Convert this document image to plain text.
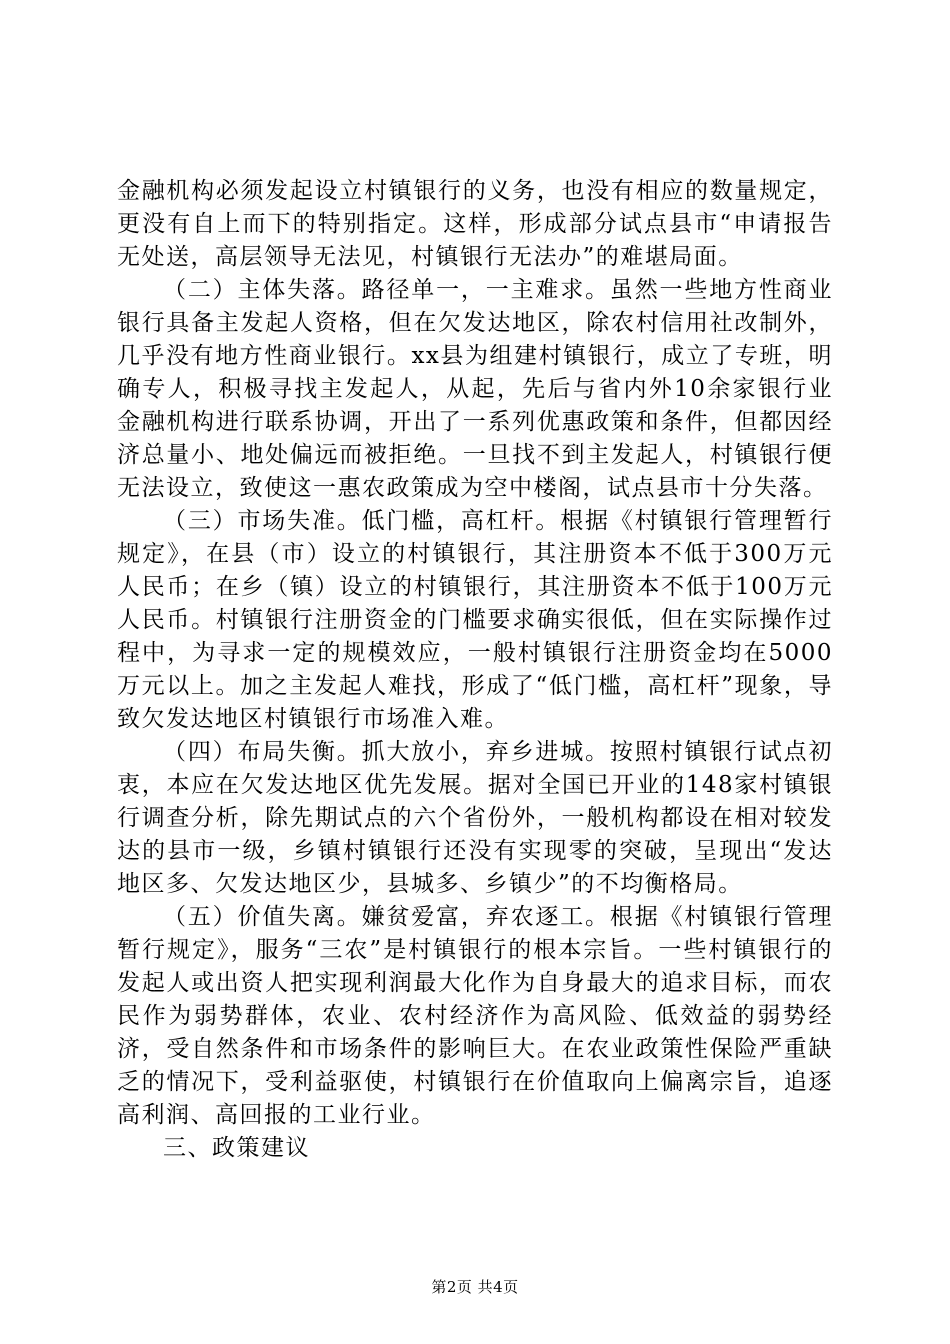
金融机构必须发起设立村镇银行的义务，也没有相应的数量规定，更没有自上而下的特别指定。这样，形成部分试点县市“申请报告无处送，高层领导无法见，村镇银行无法办”的难堪局面。

（二）主体失落。路径单一，一主难求。虽然一些地方性商业银行具备主发起人资格，但在欠发达地区，除农村信用社改制外，几乎没有地方性商业银行。xx县为组建村镇银行，成立了专班，明确专人，积极寻找主发起人，从起，先后与省内外10余家银行业金融机构进行联系协调，开出了一系列优惠政策和条件，但都因经济总量小、地处偏远而被拒绝。一旦找不到主发起人，村镇银行便无法设立，致使这一惠农政策成为空中楼阁，试点县市十分失落。

（三）市场失准。低门槛，高杠杆。根据《村镇银行管理暂行规定》，在县（市）设立的村镇银行，其注册资本不低于300万元人民币；在乡（镇）设立的村镇银行，其注册资本不低于100万元人民币。村镇银行注册资金的门槛要求确实很低，但在实际操作过程中，为寻求一定的规模效应，一般村镇银行注册资金均在5000万元以上。加之主发起人难找，形成了“低门槛，高杠杆”现象，导致欠发达地区村镇银行市场准入难。

（四）布局失衡。抓大放小，弃乡进城。按照村镇银行试点初衷，本应在欠发达地区优先发展。据对全国已开业的148家村镇银行调查分析，除先期试点的六个省份外，一般机构都设在相对较发达的县市一级，乡镇村镇银行还没有实现零的突破，呈现出“发达地区多、欠发达地区少，县城多、乡镇少”的不均衡格局。

（五）价值失离。嫌贫爱富，弃农逐工。根据《村镇银行管理暂行规定》，服务“三农”是村镇银行的根本宗旨。一些村镇银行的发起人或出资人把实现利润最大化作为自身最大的追求目标，而农民作为弱势群体，农业、农村经济作为高风险、低效益的弱势经济，受自然条件和市场条件的影响巨大。在农业政策性保险严重缺乏的情况下，受利益驱使，村镇银行在价值取向上偏离宗旨，追逐高利润、高回报的工业行业。

三、政策建议

第2页 共4页
